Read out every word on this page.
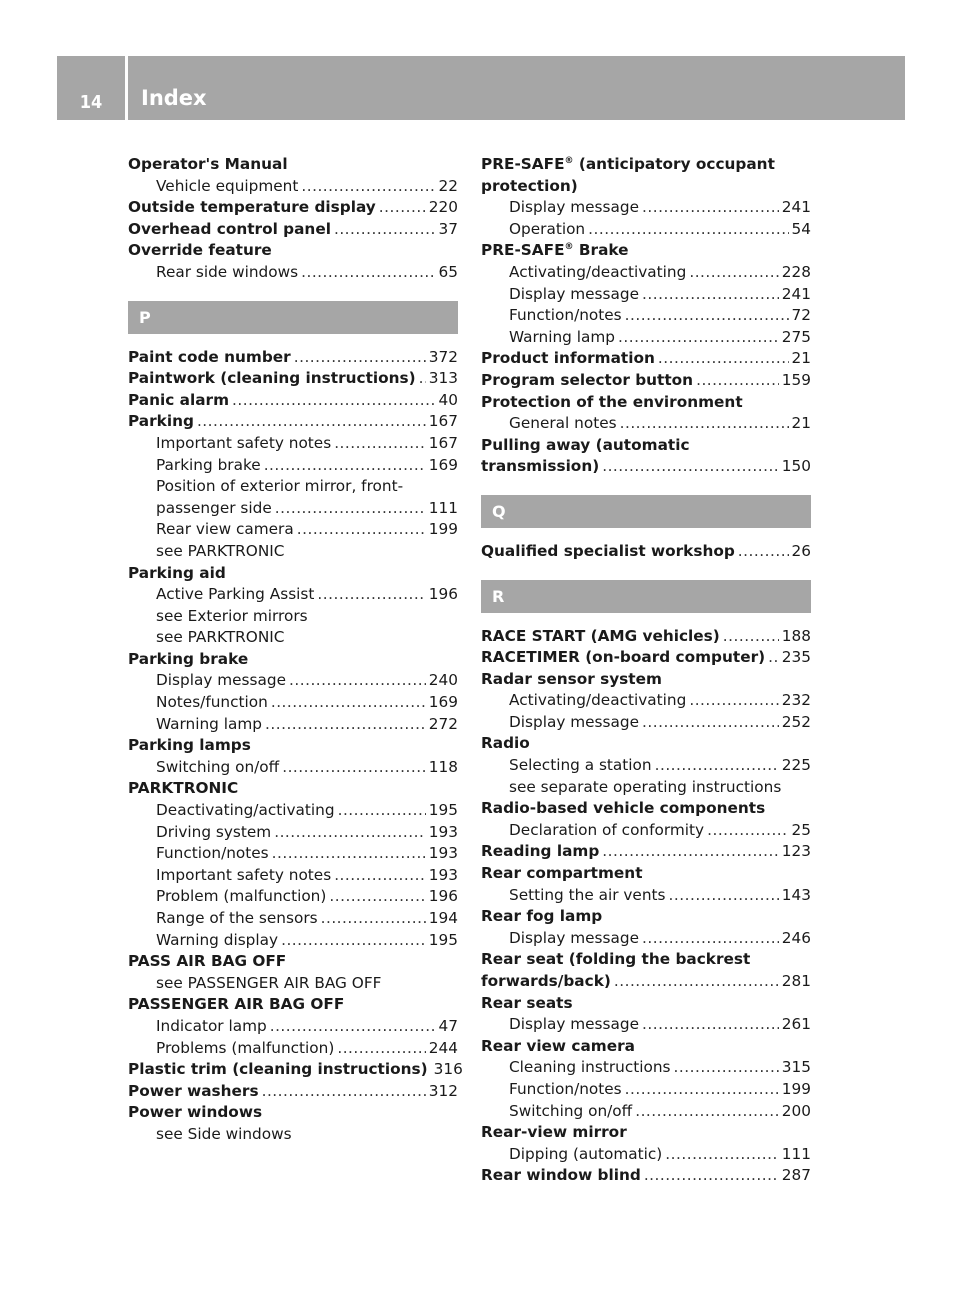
14	Index
Operator's Manual
Vehicle equipment .....	22
Outside temperature display .....	220
Overhead control panel .....	37
Override feature
Rear side windows .....	65
P
Paint code number .....	372
Paintwork (cleaning instructions) ..... 313
Panic alarm .....	40
Parking .....	167
Important safety notes .....	167
Parking brake .....	169
Position of exterior mirror, front-
passenger side .....	111
Rear view camera .....	199
see PARKTRONIC
Parking aid
Active Parking Assist .....	196
see Exterior mirrors
see PARKTRONIC
Parking brake
Display message .....	240
Notes/function .....	169
Warning lamp .....	272
Parking lamps
Switching on/off .....	118
PARKTRONIC
Deactivating/activating .....	195
Driving system .....	193
Function/notes .....	193
Important safety notes .....	193
Problem (malfunction) .....	196
Range of the sensors .....	194
Warning display .....	195
PASS AIR BAG OFF
see PASSENGER AIR BAG OFF
PASSENGER AIR BAG OFF
Indicator lamp .....	47
Problems (malfunction) .....	244
Plastic trim (cleaning instructions) 316
Power washers .....	312
Power windows
see Side windows
PRE-SAFE® (anticipatory occupant
protection)
Display message .....	241
Operation .....	54
PRE-SAFE® Brake
Activating/deactivating .....	228
Display message .....	241
Function/notes .....	72
Warning lamp .....	275
Product information .....	21
Program selector button .....	159
Protection of the environment
General notes .....	21
Pulling away (automatic
transmission) .....	150
Q
Qualified specialist workshop .....	26
R
RACE START (AMG vehicles) .....	188
RACETIMER (on-board computer) ..... 235
Radar sensor system
Activating/deactivating .....	232
Display message .....	252
Radio
Selecting a station .....	225
see separate operating instructions
Radio-based vehicle components
Declaration of conformity .....	25
Reading lamp .....	123
Rear compartment
Setting the air vents .....	143
Rear fog lamp
Display message .....	246
Rear seat (folding the backrest
forwards/back) .....	281
Rear seats
Display message .....	261
Rear view camera
Cleaning instructions .....	315
Function/notes .....	199
Switching on/off .....	200
Rear-view mirror
Dipping (automatic) .....	111
Rear window blind .....	287
